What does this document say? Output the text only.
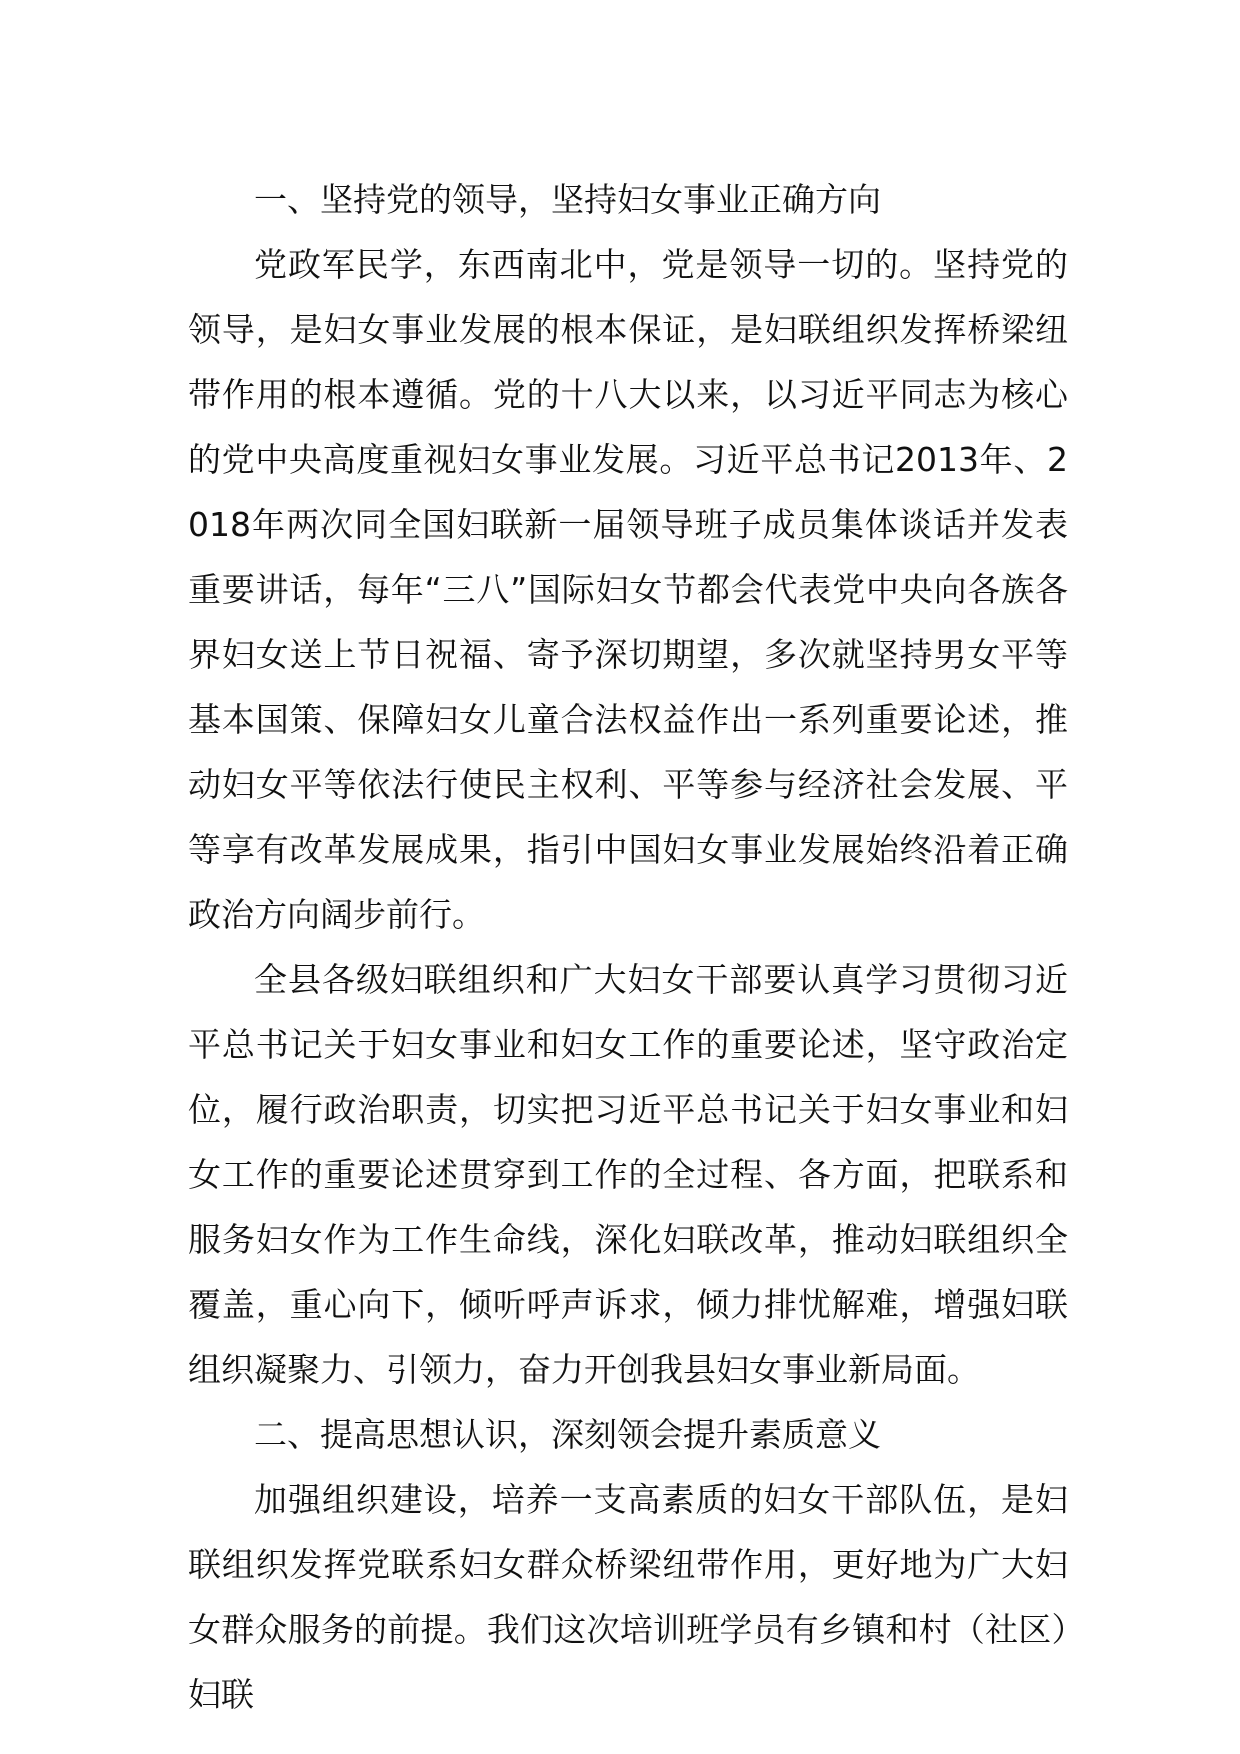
一、坚持党的领导，坚持妇女事业正确方向

党政军民学，东西南北中，党是领导一切的。坚持党的领导，是妇女事业发展的根本保证，是妇联组织发挥桥梁纽带作用的根本遵循。党的十八大以来，以习近平同志为核心的党中央高度重视妇女事业发展。习近平总书记2013年、2018年两次同全国妇联新一届领导班子成员集体谈话并发表重要讲话，每年“三八”国际妇女节都会代表党中央向各族各界妇女送上节日祝福、寄予深切期望，多次就坚持男女平等基本国策、保障妇女儿童合法权益作出一系列重要论述，推动妇女平等依法行使民主权利、平等参与经济社会发展、平等享有改革发展成果，指引中国妇女事业发展始终沿着正确政治方向阔步前行。

全县各级妇联组织和广大妇女干部要认真学习贯彻习近平总书记关于妇女事业和妇女工作的重要论述，坚守政治定位，履行政治职责，切实把习近平总书记关于妇女事业和妇女工作的重要论述贯穿到工作的全过程、各方面，把联系和服务妇女作为工作生命线，深化妇联改革，推动妇联组织全覆盖，重心向下，倾听呼声诉求，倾力排忧解难，增强妇联组织凝聚力、引领力，奋力开创我县妇女事业新局面。

二、提高思想认识，深刻领会提升素质意义

加强组织建设，培养一支高素质的妇女干部队伍，是妇联组织发挥党联系妇女群众桥梁纽带作用，更好地为广大妇女群众服务的前提。我们这次培训班学员有乡镇和村（社区）妇联
